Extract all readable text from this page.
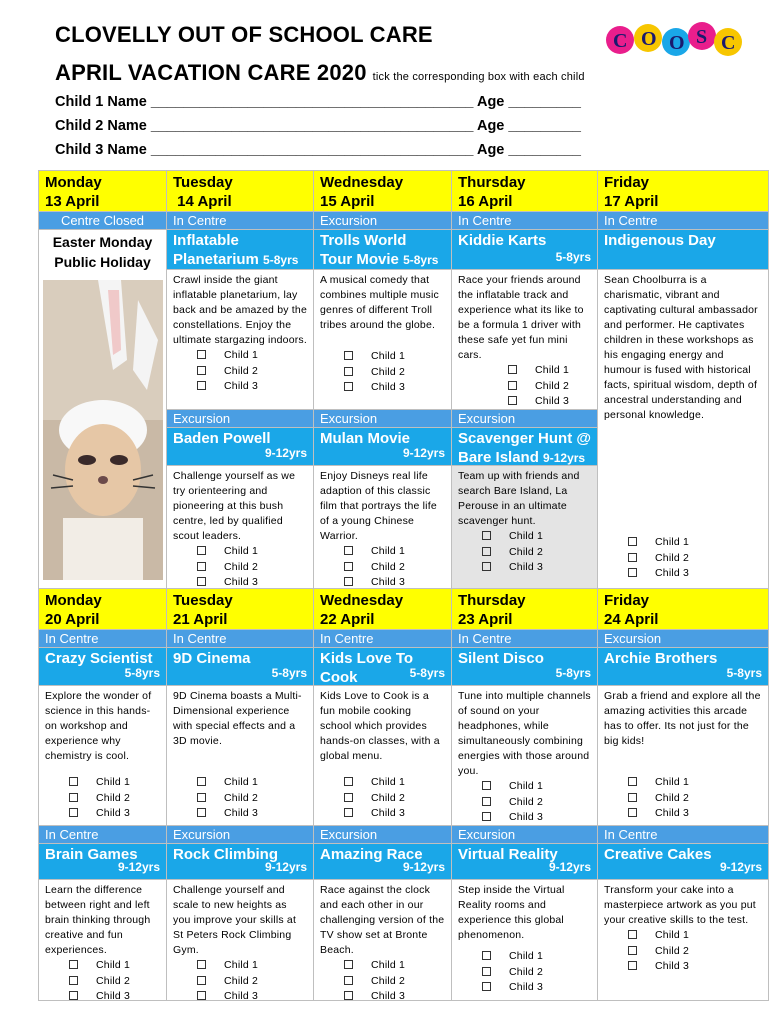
CLOVELLY OUT OF SCHOOL CARE
APRIL VACATION CARE 2020 tick the corresponding box with each child
C O O S C
Child 1 Name ________________________________________ Age _________
Child 2 Name ________________________________________ Age _________
Child 3 Name ________________________________________ Age _________
Monday
13 April
Tuesday
14 April
Wednesday
15 April
Thursday
16 April
Friday
17 April
Centre Closed
Easter Monday
Public Holiday
In Centre
Inflatable
Planetarium 5-8yrs
Crawl inside the giant inflatable planetarium, lay back and be amazed by the constellations. Enjoy the ultimate stargazing indoors.
Child 1
Child 2
Child 3
Excursion
Trolls World
Tour Movie 5-8yrs
A musical comedy that combines multiple music genres of different Troll tribes around the globe.
Child 1
Child 2
Child 3
In Centre
Kiddie Karts
5-8yrs
Race your friends around the inflatable track and experience what its like to be a formula 1 driver with these safe yet fun mini cars.
Child 1
Child 2
Child 3
In Centre
Indigenous Day
Sean Choolburra is a charismatic, vibrant and captivating cultural ambassador and performer. He captivates children in these workshops as his engaging energy and humour is fused with historical facts, spiritual wisdom, depth of ancestral understanding and personal knowledge.
Child 1
Child 2
Child 3
Excursion
Baden Powell
9-12yrs
Challenge yourself as we try orienteering and pioneering at this bush centre, led by qualified scout leaders.
Child 1
Child 2
Child 3
Excursion
Mulan Movie
9-12yrs
Enjoy Disneys real life adaption of this classic film that portrays the life of a young Chinese Warrior.
Child 1
Child 2
Child 3
Excursion
Scavenger Hunt @
Bare Island 9-12yrs
Team up with friends and search Bare Island, La Perouse in an ultimate scavenger hunt.
Child 1
Child 2
Child 3
Monday
20 April
Tuesday
21 April
Wednesday
22 April
Thursday
23 April
Friday
24 April
In Centre
Crazy Scientist
5-8yrs
Explore the wonder of science in this hands-on workshop and experience why chemistry is cool.
Child 1
Child 2
Child 3
In Centre
9D Cinema
5-8yrs
9D Cinema boasts a Multi-Dimensional experience with special effects and a 3D movie.
Child 1
Child 2
Child 3
In Centre
Kids Love To
Cook	5-8yrs
Kids Love to Cook is a fun mobile cooking school which provides hands-on classes, with a global menu.
Child 1
Child 2
Child 3
In Centre
Silent Disco
5-8yrs
Tune into multiple channels of sound on your headphones, while simultaneously combining energies with those around you.
Child 1
Child 2
Child 3
Excursion
Archie Brothers
5-8yrs
Grab a friend and explore all the amazing activities this arcade has to offer. Its not just for the big kids!
Child 1
Child 2
Child 3
In Centre
Brain Games
9-12yrs
Learn the difference between right and left brain thinking through creative and fun experiences.
Child 1
Child 2
Child 3
Excursion
Rock Climbing
9-12yrs
Challenge yourself and scale to new heights as you improve your skills at St Peters Rock Climbing Gym.
Child 1
Child 2
Child 3
Excursion
Amazing Race
9-12yrs
Race against the clock and each other in our challenging version of the TV show set at Bronte Beach.
Child 1
Child 2
Child 3
Excursion
Virtual Reality
9-12yrs
Step inside the Virtual Reality rooms and experience this global phenomenon.
Child 1
Child 2
Child 3
In Centre
Creative Cakes
9-12yrs
Transform your cake into a masterpiece artwork as you put your creative skills to the test.
Child 1
Child 2
Child 3
